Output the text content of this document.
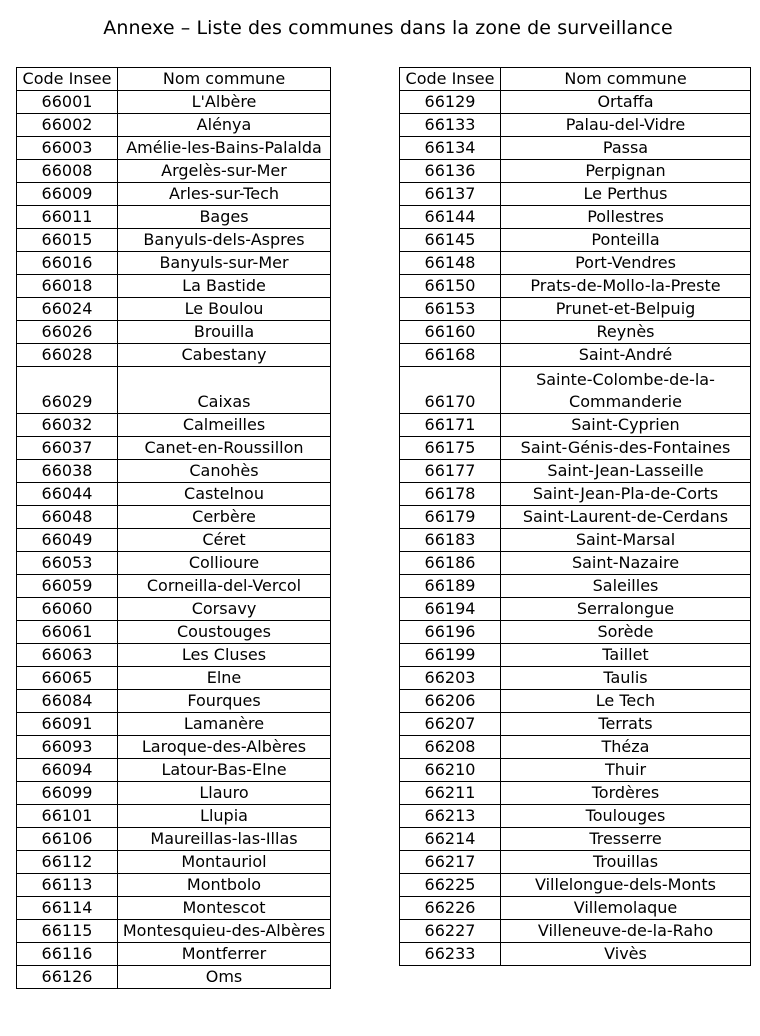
Annexe – Liste des communes dans la zone de surveillance
Code Insee	Nom commune
66001	L'Albère
66002	Alénya
66003	Amélie-les-Bains-Palalda
66008	Argelès-sur-Mer
66009	Arles-sur-Tech
66011	Bages
66015	Banyuls-dels-Aspres
66016	Banyuls-sur-Mer
66018	La Bastide
66024	Le Boulou
66026	Brouilla
66028	Cabestany
66029	Caixas
66032	Calmeilles
66037	Canet-en-Roussillon
66038	Canohès
66044	Castelnou
66048	Cerbère
66049	Céret
66053	Collioure
66059	Corneilla-del-Vercol
66060	Corsavy
66061	Coustouges
66063	Les Cluses
66065	Elne
66084	Fourques
66091	Lamanère
66093	Laroque-des-Albères
66094	Latour-Bas-Elne
66099	Llauro
66101	Llupia
66106	Maureillas-las-Illas
66112	Montauriol
66113	Montbolo
66114	Montescot
66115	Montesquieu-des-Albères
66116	Montferrer
66126	Oms
Code Insee	Nom commune
66129	Ortaffa
66133	Palau-del-Vidre
66134	Passa
66136	Perpignan
66137	Le Perthus
66144	Pollestres
66145	Ponteilla
66148	Port-Vendres
66150	Prats-de-Mollo-la-Preste
66153	Prunet-et-Belpuig
66160	Reynès
66168	Saint-André
66170	Sainte-Colombe-de-la-Commanderie
66171	Saint-Cyprien
66175	Saint-Génis-des-Fontaines
66177	Saint-Jean-Lasseille
66178	Saint-Jean-Pla-de-Corts
66179	Saint-Laurent-de-Cerdans
66183	Saint-Marsal
66186	Saint-Nazaire
66189	Saleilles
66194	Serralongue
66196	Sorède
66199	Taillet
66203	Taulis
66206	Le Tech
66207	Terrats
66208	Théza
66210	Thuir
66211	Tordères
66213	Toulouges
66214	Tresserre
66217	Trouillas
66225	Villelongue-dels-Monts
66226	Villemolaque
66227	Villeneuve-de-la-Raho
66233	Vivès
